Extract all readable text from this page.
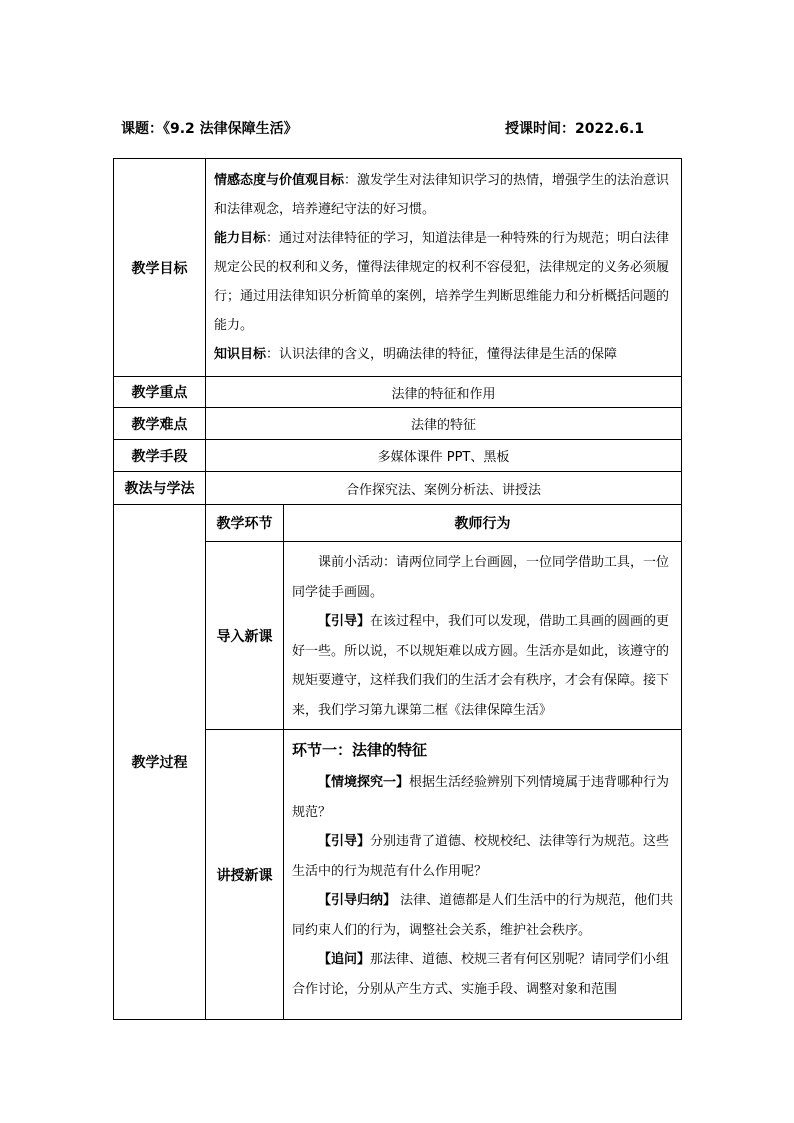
课题：《9.2 法律保障生活》	授课时间：2022.6.1
教学目标	情感态度与价值观目标：激发学生对法律知识学习的热情，增强学生的法治意识和法律观念，培养遵纪守法的好习惯。

能力目标：通过对法律特征的学习，知道法律是一种特殊的行为规范；明白法律规定公民的权利和义务，懂得法律规定的权利不容侵犯，法律规定的义务必须履行；通过用法律知识分析简单的案例，培养学生判断思维能力和分析概括问题的能力。

知识目标：认识法律的含义，明确法律的特征，懂得法律是生活的保障	

教学重点	法律的特征和作用	
教学难点	法律的特征	
教学手段	多媒体课件 PPT、黑板	
教法与学法	合作探究法、案例分析法、讲授法	
教学过程	教学环节	教师行为
	导入新课	课前小活动：请两位同学上台画圆，一位同学借助工具，一位同学徒手画圆。

【引导】在该过程中，我们可以发现，借助工具画的圆画的更好一些。所以说，不以规矩难以成方圆。生活亦是如此，该遵守的规矩要遵守，这样我们我们的生活才会有秩序，才会有保障。接下来，我们学习第九课第二框《法律保障生活》

	讲授新课	环节一：法律的特征

【情境探究一】根据生活经验辨别下列情境属于违背哪种行为规范？

【引导】分别违背了道德、校规校纪、法律等行为规范。这些生活中的行为规范有什么作用呢？

【引导归纳】 法律、道德都是人们生活中的行为规范，他们共同约束人们的行为，调整社会关系，维护社会秩序。

【追问】那法律、道德、校规三者有何区别呢？请同学们小组合作讨论，分别从产生方式、实施手段、调整对象和范围
